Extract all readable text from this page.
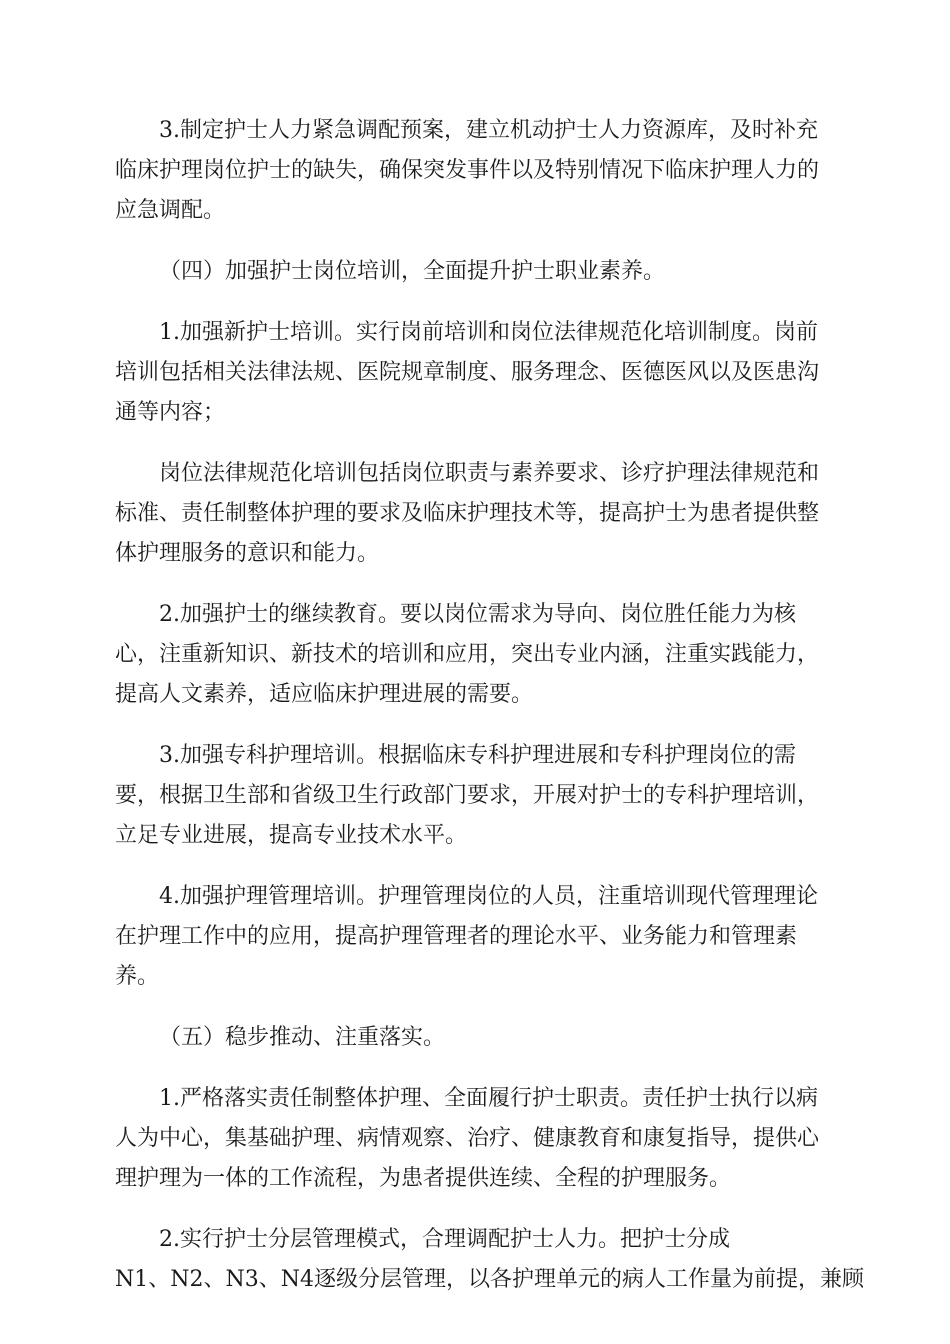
3.制定护士人力紧急调配预案，建立机动护士人力资源库，及时补充
临床护理岗位护士的缺失，确保突发事件以及特别情况下临床护理人力的
应急调配。

（四）加强护士岗位培训，全面提升护士职业素养。

1.加强新护士培训。实行岗前培训和岗位法律规范化培训制度。岗前
培训包括相关法律法规、医院规章制度、服务理念、医德医风以及医患沟
通等内容；

岗位法律规范化培训包括岗位职责与素养要求、诊疗护理法律规范和
标准、责任制整体护理的要求及临床护理技术等，提高护士为患者提供整
体护理服务的意识和能力。

2.加强护士的继续教育。要以岗位需求为导向、岗位胜任能力为核
心，注重新知识、新技术的培训和应用，突出专业内涵，注重实践能力，
提高人文素养，适应临床护理进展的需要。

3.加强专科护理培训。根据临床专科护理进展和专科护理岗位的需
要，根据卫生部和省级卫生行政部门要求，开展对护士的专科护理培训，
立足专业进展，提高专业技术水平。

4.加强护理管理培训。护理管理岗位的人员，注重培训现代管理理论
在护理工作中的应用，提高护理管理者的理论水平、业务能力和管理素
养。

（五）稳步推动、注重落实。

1.严格落实责任制整体护理、全面履行护士职责。责任护士执行以病
人为中心，集基础护理、病情观察、治疗、健康教育和康复指导，提供心
理护理为一体的工作流程，为患者提供连续、全程的护理服务。

2.实行护士分层管理模式，合理调配护士人力。把护士分成
N1、N2、N3、N4逐级分层管理，以各护理单元的病人工作量为前提，兼顾
